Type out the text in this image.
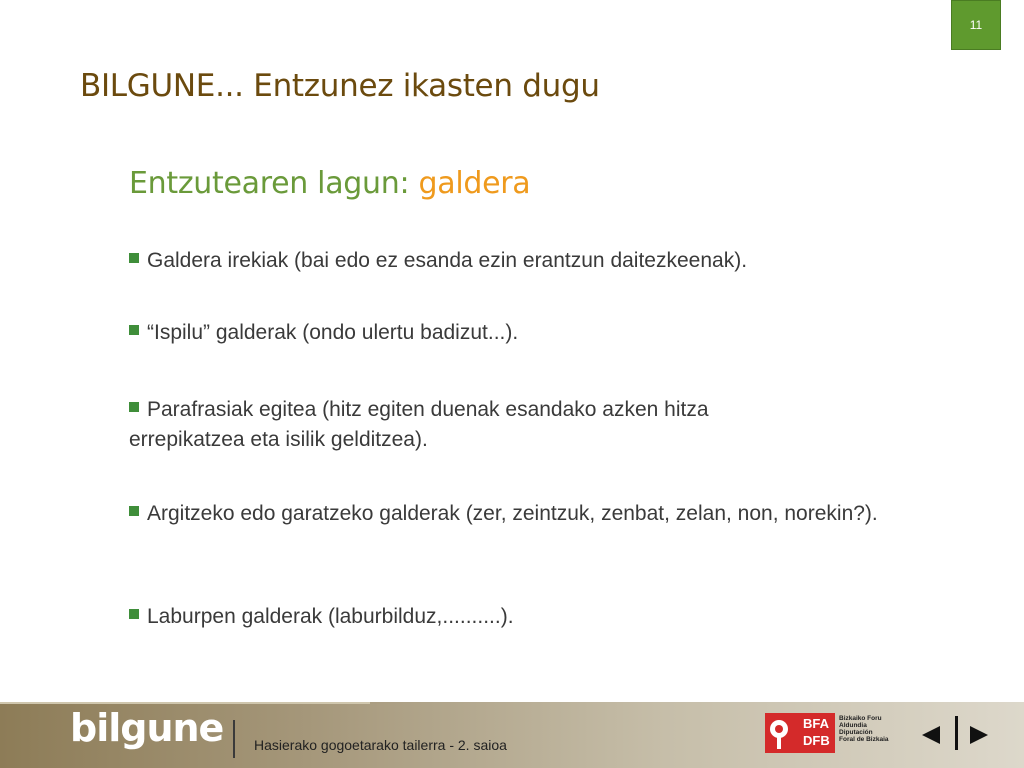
11
BILGUNE... Entzunez ikasten dugu
Entzutearen lagun: galdera
Galdera irekiak (bai edo ez esanda ezin erantzun daitezkeenak).
“Ispilu” galderak (ondo ulertu badizut...).
Parafrasiak egitea (hitz egiten duenak esandako azken hitza errepikatzea eta isilik gelditzea).
Argitzeko edo garatzeko galderak (zer, zeintzuk, zenbat, zelan, non, norekin?).
Laburpen galderak (laburbilduz,..........).
bilgune Hasierako gogoetarako tailerra - 2. saioa
BFA
DFB
Bizkaiko Foru
Aldundia
Diputación
Foral de Bizkaia
